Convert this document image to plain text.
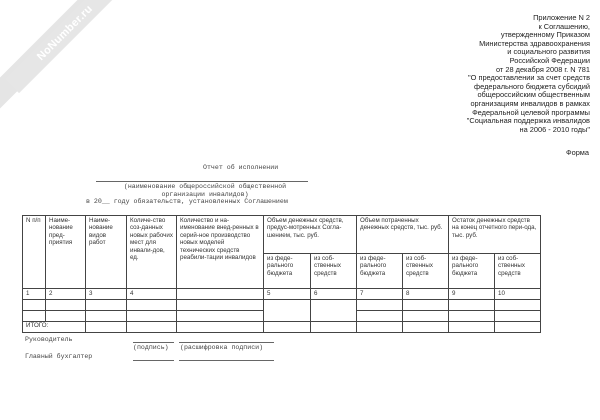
NoNumber.ru	Приложение N 2
к Соглашению,
утвержденному Приказом
Министерства здравоохранения
и социального развития
Российской Федерации
от 28 декабря 2008 г. N 781
"О предоставлении за счет средств
федерального бюджета субсидий
общероссийским общественным
организациям инвалидов в рамках
Федеральной целевой программы
"Социальная поддержка инвалидов
на 2006 - 2010 годы"
Форма
Отчет об исполнении
(наименование общероссийской общественной
организации инвалидов)
в 20__ году обязательств, установленных Соглашением
N п/п	Наиме-нование пред-приятия	Наиме-нование видов работ	Количе-ство соз-данных новых рабочих мест для инвали-дов, ед.	Количество и на-именование внед-ренных в серий-ное производство новых моделей технических средств реабили-тации инвалидов	Объем денежных средств, предус-мотренных Согла-шением, тыс. руб.		Объем потраченных денежных средств, тыс. руб.		Остаток денежных средств на конец отчетного пери-ода, тыс. руб.	
					из феде-рального бюджета	из соб-ственных средств	из феде-рального бюджета	из соб-ственных средств	из феде-рального бюджета	из соб-ственных средств
1	2	3	4		5	6	7	8	9	10

ИТОГО:										
Руководитель
(подпись) (расшифровка подписи)
Главный бухгалтер
